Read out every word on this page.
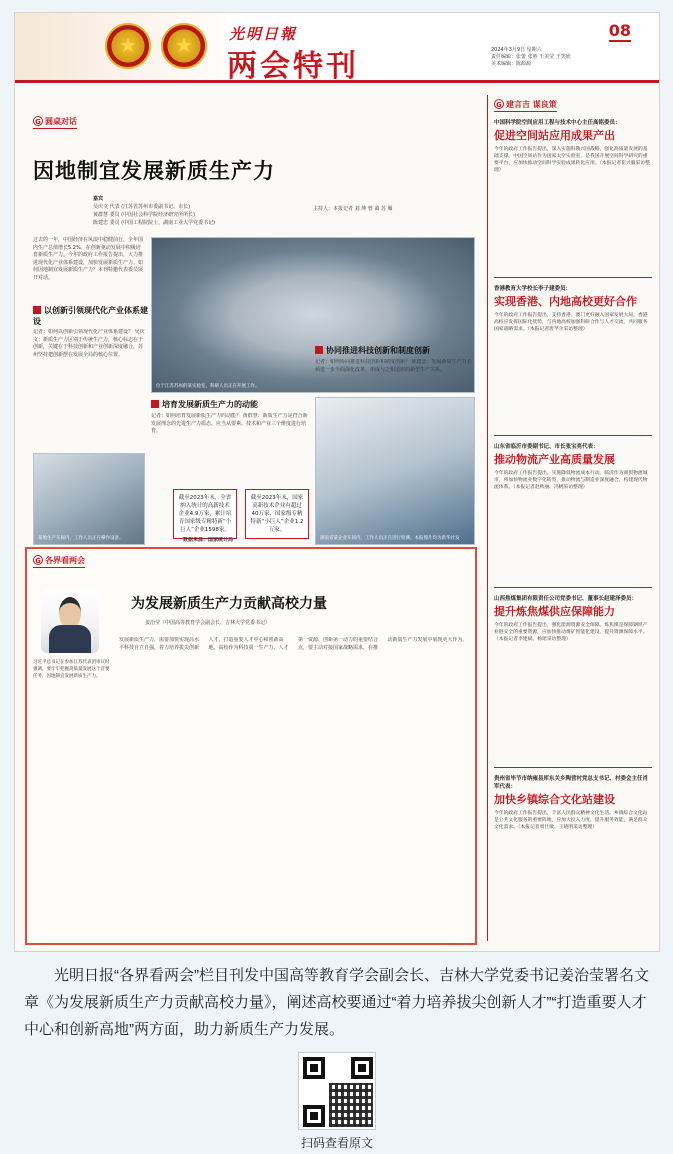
★
★
光明日報
两会特刊
08
2024年3月9日 星期六
责任编辑：张蕾 张胜 王美莹 王笑欣
美术编辑：陈源源
G 圆桌对话
因地制宜发展新质生产力
嘉宾
吴庆文 代表 (江苏省苏州市委副书记、市长)
黄群慧 委员 (中国社会科学院经济研究所所长)
陈建忠 委员 (中国工程院院士，湖南工业大学党委书记)
主持人：本报记者 刘 坤 曾 蔼 苏 雁
过去的一年，中国经济在风浪中稳健前行，全年国内生产总值增长5.2%，在创新驱动发展中积极培育新质生产力。今年的政府工作报告提出，大力推进现代化产业体系建设，加快发展新质生产力。如何因地制宜发展新质生产力？本刊特邀代表委员展开对话。
位于江苏苏州的某实验室，科研人员正在开展工作。
以创新引领现代化产业体系建设
记者：如何以创新引领现代化产业体系建设？ 吴庆文：新质生产力区别于传统生产力，核心标志在于创新，关键在于科技创新和产业创新深度融合，苏州坚持把创新摆在发展全局的核心位置。
培育发展新质生产力的动能
记者：如何培育发展新质生产力的动能？ 黄群慧：新质生产力是符合新发展理念的先进生产力质态，应当从要素、技术和产业三个维度进行培育。
截至2023年末，全省纳入统计的高新技术企业4.9万家，累计培育国家级专精特新“小巨人”企业1598家。
截至2023年末，国家高新技术企业有超过40万家，国家级专精特新“小巨人”企业1.2万家。
数据来源：国家统计局	湖南省某企业车间内，工作人员正在进行检测。本报图片均为新华社发
协同推进科技创新和制度创新
记者：如何协同推进科技创新和制度创新？ 陈建忠：发展新质生产力必须进一步全面深化改革，形成与之相适应的新型生产关系。
某地生产车间内，工作人员正在操作设备。
G 各界看两会
为发展新质生产力贡献高校力量
姜治莹（中国高等教育学会副会长、吉林大学党委书记）
习近平总书记在参加江苏代表团审议时强调，要牢牢把握高质量发展这个首要任务，因地制宜发展新质生产力。
发展新质生产力，需要加快实现高水平科技自立自强，着力培养拔尖创新人才，打造重要人才中心和创新高地。高校作为科技第一生产力、人才第一资源、创新第一动力的重要结合点，要主动对接国家战略需求，在推动新质生产力发展中展现更大作为。
G 建言吉 谋良策
中国科学院空间应用工程与技术中心主任高铭委员：
促进空间站应用成果产出
今年的政府工作报告提出，深入实施科教兴国战略，强化高质量发展的基础支撑。中国空间站作为国家太空实验室，是我国开展空间科学研究的重要平台，应加快推动空间科学实验成果转化应用。（本报记者崔兴毅采访整理）
香港教育大学校长李子建委员：
实现香港、内地高校更好合作
今年的政府工作报告提出，支持香港、澳门更好融入国家发展大局。香港高校应发挥国际化优势，与内地高校加强科研合作与人才交流，共同服务国家战略需求。（本报记者唐芊尔采访整理）
山东省临沂市委副书记、市长张宝亮代表：
推动物流产业高质量发展
今年的政府工作报告提出，实施降低物流成本行动。临沂作为商贸物流城市，将加快物流业数字化转型，推动物流与制造业深度融合，构建现代物流体系。（本报记者赵秋丽、冯帆采访整理）
山西焦煤集团有限责任公司党委书记、董事长赵建泽委员：
提升炼焦煤供应保障能力
今年的政府工作报告提出，强化能源资源安全保障。炼焦煤是保障钢铁产业链安全的重要资源，应加快推动煤矿智能化建设，提升资源保障水平。（本报记者李建斌、杨珺采访整理）
贵州省毕节市纳雍县厍东关乡陶营村党总支书记、村委会主任肖军代表：
加快乡镇综合文化站建设
今年的政府工作报告提出，丰富人民群众精神文化生活。乡镇综合文化站是公共文化服务的重要阵地，应加大投入力度，提升服务效能，满足群众文化需求。（本报记者周仕敏、王晓明采访整理）
光明日报“各界看两会”栏目刊发中国高等教育学会副会长、吉林大学党委书记姜治莹署名文章《为发展新质生产力贡献高校力量》，阐述高校要通过“着力培养拔尖创新人才”“打造重要人才中心和创新高地”两方面，助力新质生产力发展。
扫码查看原文
